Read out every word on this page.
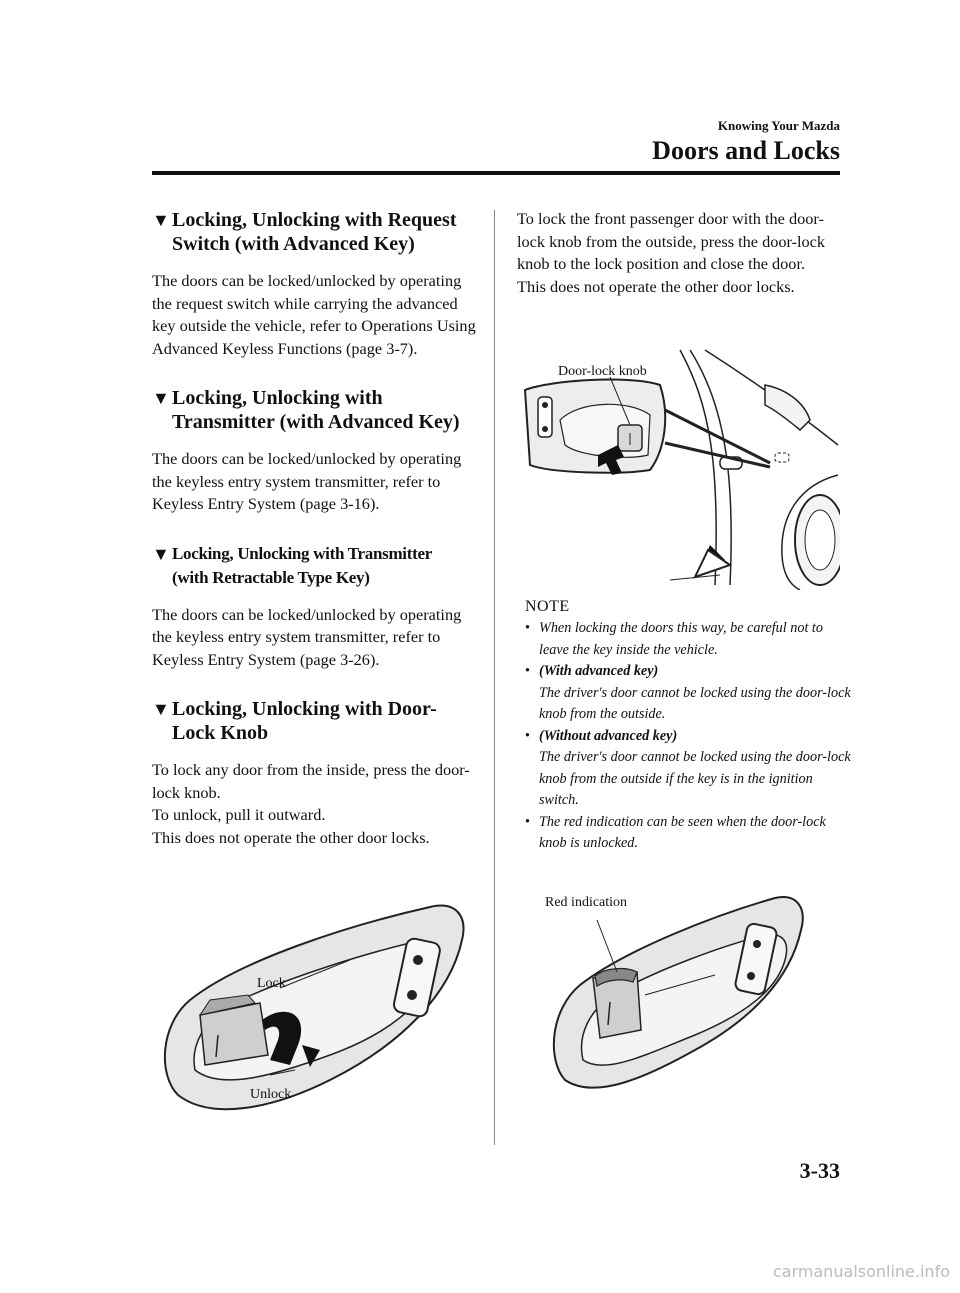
Knowing Your Mazda
Doors and Locks
▼ Locking, Unlocking with Request
Switch (with Advanced Key)

The doors can be locked/unlocked by operating the request switch while carrying the advanced key outside the vehicle, refer to Operations Using Advanced Keyless Functions (page 3-7).

▼ Locking, Unlocking with
Transmitter (with Advanced Key)

The doors can be locked/unlocked by operating the keyless entry system transmitter, refer to Keyless Entry System (page 3-16).

▼ Locking, Unlocking with Transmitter
(with Retractable Type Key)

The doors can be locked/unlocked by operating the keyless entry system transmitter, refer to Keyless Entry System (page 3-26).

▼ Locking, Unlocking with Door-
Lock Knob

To lock any door from the inside, press the door-lock knob.

To unlock, pull it outward.

This does not operate the other door locks.

Lock
Unlock

To lock the front passenger door with the door-lock knob from the outside, press the door-lock knob to the lock position and close the door.

This does not operate the other door locks.

Door-lock knob
NOTE
• When locking the doors this way, be careful not to leave the key inside the vehicle.
• (With advanced key)
The driver's door cannot be locked using the door-lock knob from the outside.
• (Without advanced key)
The driver's door cannot be locked using the door-lock knob from the outside if the key is in the ignition switch.
• The red indication can be seen when the door-lock knob is unlocked.
Red indication
3-33
carmanualsonline.info
